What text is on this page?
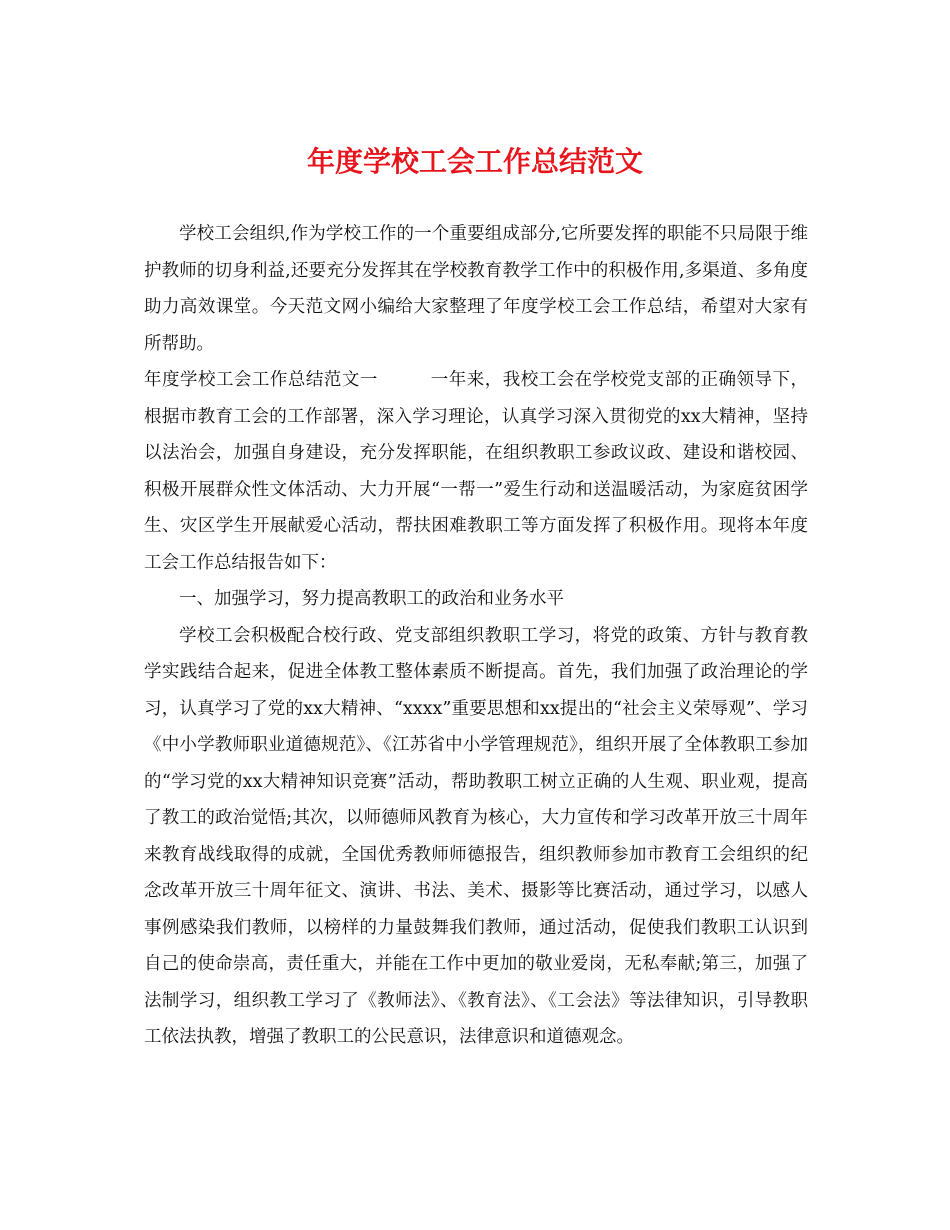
年度学校工会工作总结范文

学校工会组织,作为学校工作的一个重要组成部分,它所要发挥的职能不只局限于维护教师的切身利益,还要充分发挥其在学校教育教学工作中的积极作用,多渠道、多角度助力高效课堂。今天范文网小编给大家整理了年度学校工会工作总结，希望对大家有所帮助。

年度学校工会工作总结范文一	一年来，我校工会在学校党支部的正确领导下，根据市教育工会的工作部署，深入学习理论，认真学习深入贯彻党的xx大精神，坚持以法治会，加强自身建设，充分发挥职能，在组织教职工参政议政、建设和谐校园、积极开展群众性文体活动、大力开展“一帮一”爱生行动和送温暖活动，为家庭贫困学生、灾区学生开展献爱心活动，帮扶困难教职工等方面发挥了积极作用。现将本年度工会工作总结报告如下：

一、加强学习，努力提高教职工的政治和业务水平

学校工会积极配合校行政、党支部组织教职工学习，将党的政策、方针与教育教学实践结合起来，促进全体教工整体素质不断提高。首先，我们加强了政治理论的学习，认真学习了党的xx大精神、“xxxx”重要思想和xx提出的“社会主义荣辱观”、学习《中小学教师职业道德规范》、《江苏省中小学管理规范》，组织开展了全体教职工参加的“学习党的xx大精神知识竞赛”活动，帮助教职工树立正确的人生观、职业观，提高了教工的政治觉悟;其次，以师德师风教育为核心，大力宣传和学习改革开放三十周年来教育战线取得的成就，全国优秀教师师德报告，组织教师参加市教育工会组织的纪念改革开放三十周年征文、演讲、书法、美术、摄影等比赛活动，通过学习，以感人事例感染我们教师，以榜样的力量鼓舞我们教师，通过活动，促使我们教职工认识到自己的使命崇高，责任重大，并能在工作中更加的敬业爱岗，无私奉献;第三，加强了法制学习，组织教工学习了《教师法》、《教育法》、《工会法》等法律知识，引导教职工依法执教，增强了教职工的公民意识，法律意识和道德观念。
